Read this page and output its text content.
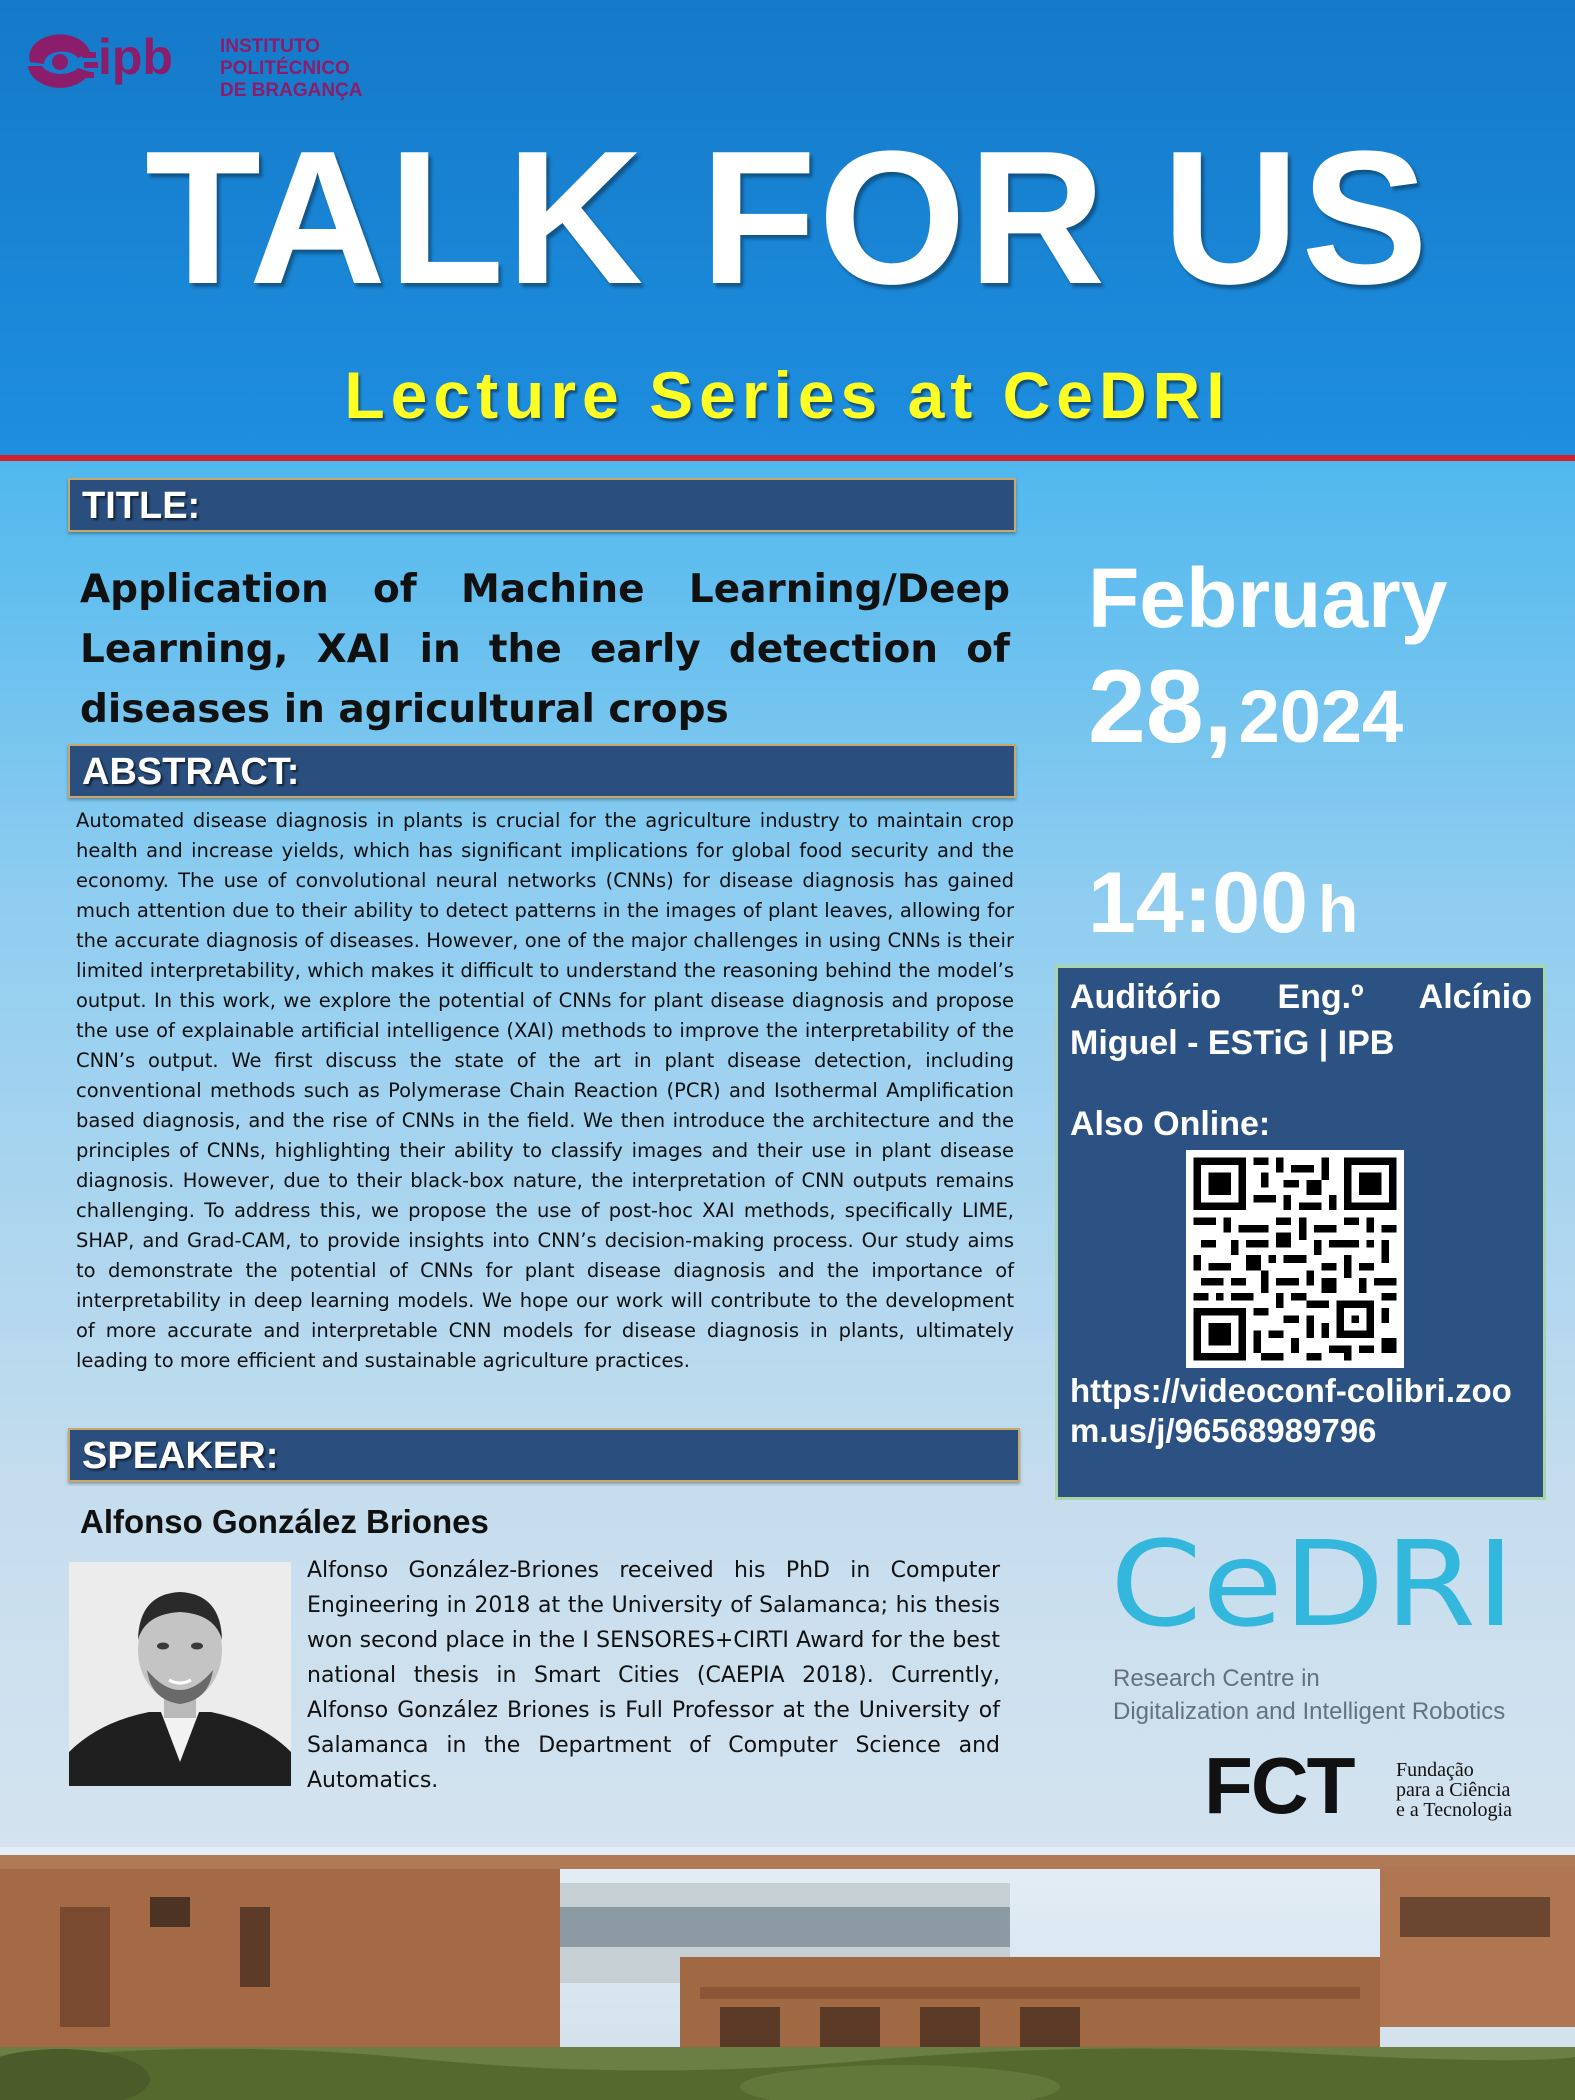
ipb INSTITUTO POLITÉCNICO
DE BRAGANÇA
TALK FOR US
Lecture Series at CeDRI
TITLE:
Application of Machine Learning/Deep Learning, XAI in the early detection of diseases in agricultural crops
ABSTRACT:
Automated disease diagnosis in plants is crucial for the agriculture industry to maintain crop health and increase yields, which has significant implications for global food security and the economy. The use of convolutional neural networks (CNNs) for disease diagnosis has gained much attention due to their ability to detect patterns in the images of plant leaves, allowing for the accurate diagnosis of diseases. However, one of the major challenges in using CNNs is their limited interpretability, which makes it difficult to understand the reasoning behind the model’s output. In this work, we explore the potential of CNNs for plant disease diagnosis and propose the use of explainable artificial intelligence (XAI) methods to improve the interpretability of the CNN’s output. We first discuss the state of the art in plant disease detection, including conventional methods such as Polymerase Chain Reaction (PCR) and Isothermal Amplification based diagnosis, and the rise of CNNs in the field. We then introduce the architecture and the principles of CNNs, highlighting their ability to classify images and their use in plant disease diagnosis. However, due to their black-box nature, the interpretation of CNN outputs remains challenging. To address this, we propose the use of post-hoc XAI methods, specifically LIME, SHAP, and Grad-CAM, to provide insights into CNN’s decision-making process. Our study aims to demonstrate the potential of CNNs for plant disease diagnosis and the importance of interpretability in deep learning models. We hope our work will contribute to the development of more accurate and interpretable CNN models for disease diagnosis in plants, ultimately leading to more efficient and sustainable agriculture practices.
SPEAKER:
Alfonso González Briones
Alfonso González-Briones received his PhD in Computer Engineering in 2018 at the University of Salamanca; his thesis won second place in the I SENSORES+CIRTI Award for the best national thesis in Smart Cities (CAEPIA 2018). Currently, Alfonso González Briones is Full Professor at the University of Salamanca in the Department of Computer Science and Automatics.
February
28,2024
14:00 h
Auditório Eng.º Alcínio Miguel - ESTiG | IPB
Also Online:
https://videoconf-colibri.zoom.us/j/96568989796
CeDRI
Research Centre in
Digitalization and Intelligent Robotics
FCT Fundação
para a Ciência
e a Tecnologia
